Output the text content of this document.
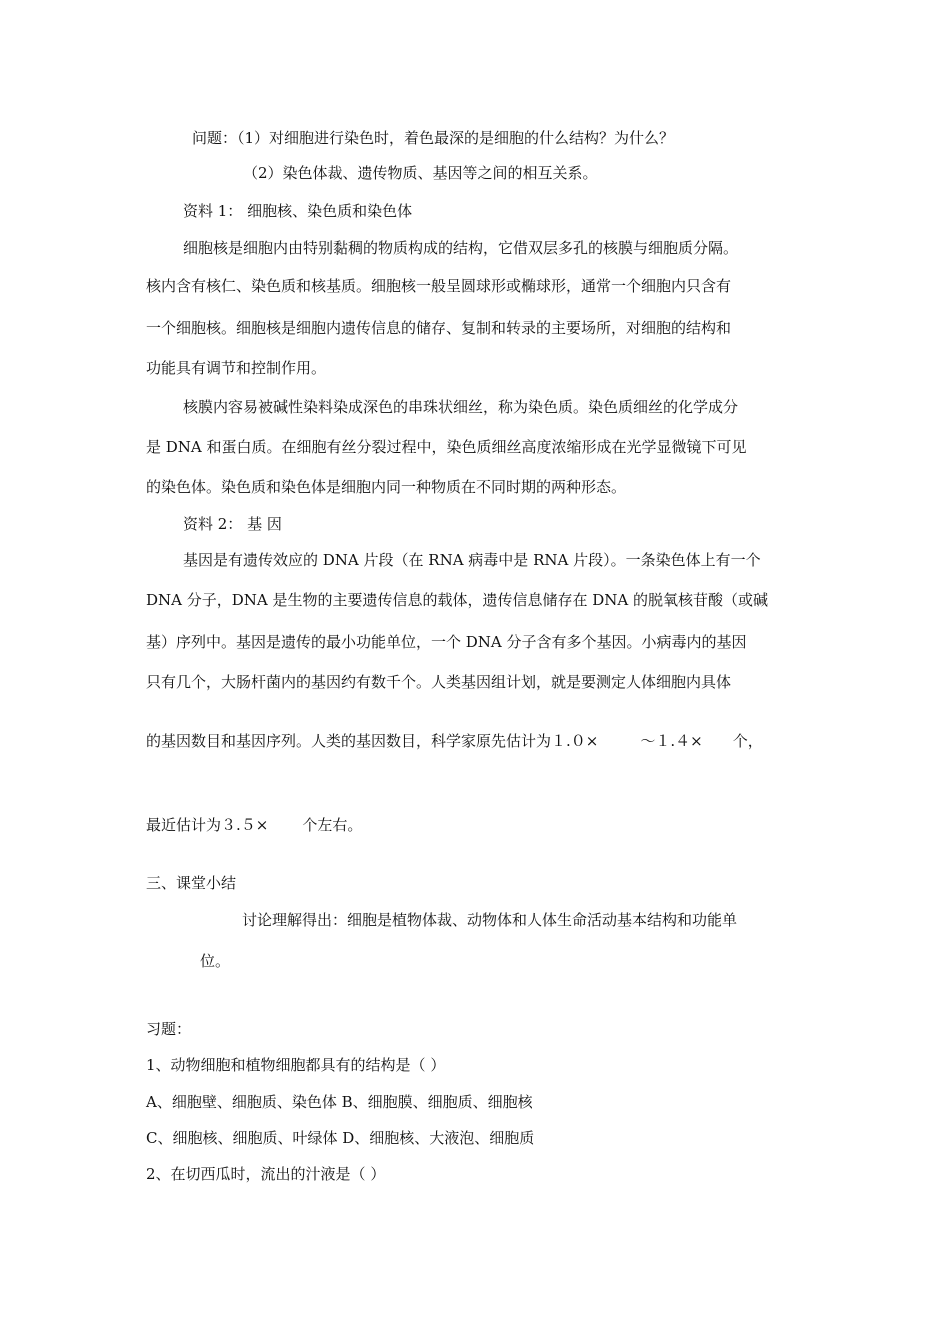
问题：（1）对细胞进行染色时，着色最深的是细胞的什么结构？为什么？
（2）染色体裁、遗传物质、基因等之间的相互关系。
资料 1： 细胞核、染色质和染色体
细胞核是细胞内由特别黏稠的物质构成的结构，它借双层多孔的核膜与细胞质分隔。
核内含有核仁、染色质和核基质。细胞核一般呈圆球形或椭球形，通常一个细胞内只含有
一个细胞核。细胞核是细胞内遗传信息的储存、复制和转录的主要场所，对细胞的结构和
功能具有调节和控制作用。
核膜内容易被碱性染料染成深色的串珠状细丝，称为染色质。染色质细丝的化学成分
是 DNA 和蛋白质。在细胞有丝分裂过程中，染色质细丝高度浓缩形成在光学显微镜下可见
的染色体。染色质和染色体是细胞内同一种物质在不同时期的两种形态。
资料 2： 基 因
基因是有遗传效应的 DNA 片段（在 RNA 病毒中是 RNA 片段）。一条染色体上有一个
DNA 分子，DNA 是生物的主要遗传信息的载体，遗传信息储存在 DNA 的脱氧核苷酸（或碱
基）序列中。基因是遗传的最小功能单位，一个 DNA 分子含有多个基因。小病毒内的基因
只有几个，大肠杆菌内的基因约有数千个。人类基因组计划，就是要测定人体细胞内具体
的基因数目和基因序列。人类的基因数目，科学家原先估计为１.０×	～１.４× 个，
最近估计为３.５× 个左右。
三、课堂小结
讨论理解得出：细胞是植物体裁、动物体和人体生命活动基本结构和功能单
位。
习题：
1、动物细胞和植物细胞都具有的结构是（ ）
A、细胞壁、细胞质、染色体 B、细胞膜、细胞质、细胞核
C、细胞核、细胞质、叶绿体 D、细胞核、大液泡、细胞质
2、在切西瓜时，流出的汁液是（ ）
